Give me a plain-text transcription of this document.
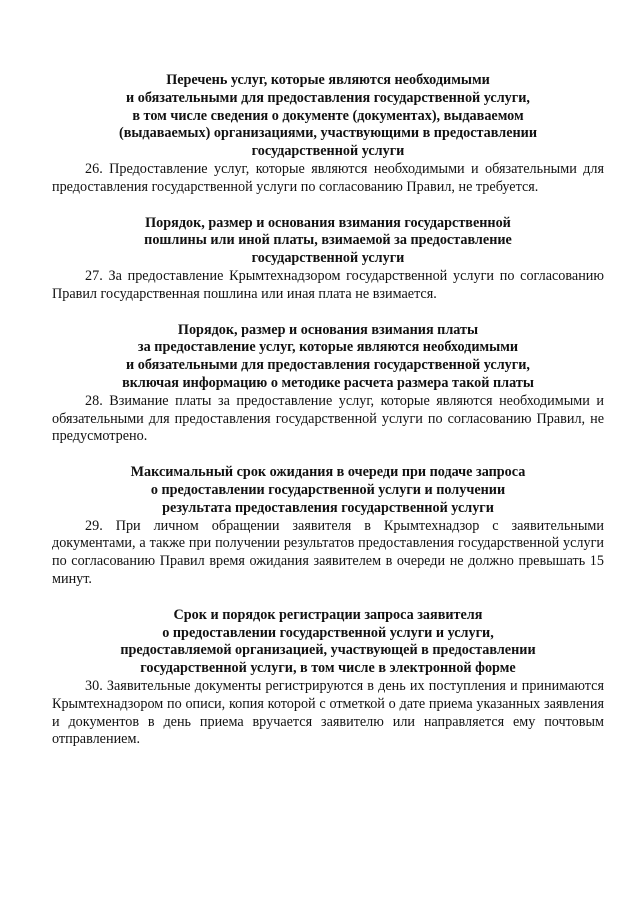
Перечень услуг, которые являются необходимыми
и обязательными для предоставления государственной услуги,
в том числе сведения о документе (документах), выдаваемом
(выдаваемых) организациями, участвующими в предоставлении
государственной услуги

26. Предоставление услуг, которые являются необходимыми и обязательными для предоставления государственной услуги по согласованию Правил, не требуется.

Порядок, размер и основания взимания государственной
пошлины или иной платы, взимаемой за предоставление
государственной услуги

27. За предоставление Крымтехнадзором государственной услуги по согласованию Правил государственная пошлина или иная плата не взимается.

Порядок, размер и основания взимания платы
за предоставление услуг, которые являются необходимыми
и обязательными для предоставления государственной услуги,
включая информацию о методике расчета размера такой платы

28. Взимание платы за предоставление услуг, которые являются необходимыми и обязательными для предоставления государственной услуги по согласованию Правил, не предусмотрено.

Максимальный срок ожидания в очереди при подаче запроса
о предоставлении государственной услуги и получении
результата предоставления государственной услуги

29. При личном обращении заявителя в Крымтехнадзор с заявительными документами, а также при получении результатов предоставления государственной услуги по согласованию Правил время ожидания заявителем в очереди не должно превышать 15 минут.

Срок и порядок регистрации запроса заявителя
о предоставлении государственной услуги и услуги,
предоставляемой организацией, участвующей в предоставлении
государственной услуги, в том числе в электронной форме

30. Заявительные документы регистрируются в день их поступления и принимаются Крымтехнадзором по описи, копия которой с отметкой о дате приема указанных заявления и документов в день приема вручается заявителю или направляется ему почтовым отправлением.
